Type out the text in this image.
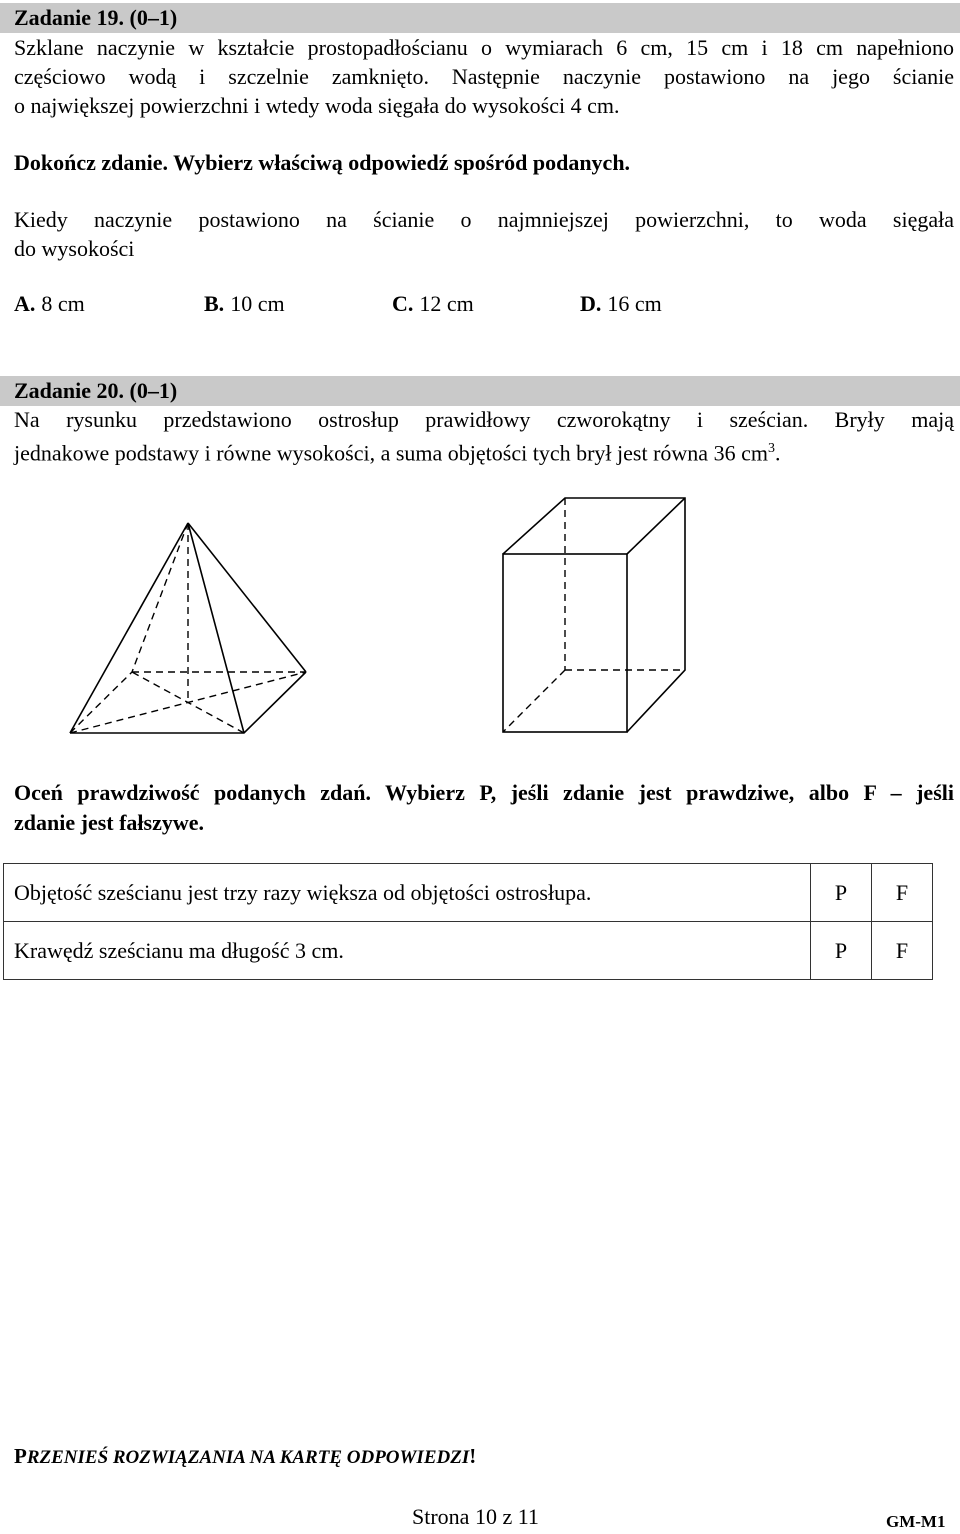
Zadanie 19. (0–1)
Szklane naczynie w kształcie prostopadłościanu o wymiarach 6 cm, 15 cm i 18 cm napełniono
częściowo wodą i szczelnie zamknięto. Następnie naczynie postawiono na jego ścianie
o największej powierzchni i wtedy woda sięgała do wysokości 4 cm.
Dokończ zdanie. Wybierz właściwą odpowiedź spośród podanych.
Kiedy naczynie postawiono na ścianie o najmniejszej powierzchni, to woda sięgała
do wysokości
A. 8 cm	B. 10 cm	C. 12 cm	D. 16 cm
Zadanie 20. (0–1)
Na rysunku przedstawiono ostrosłup prawidłowy czworokątny i sześcian. Bryły mają
jednakowe podstawy i równe wysokości, a suma objętości tych brył jest równa 36 $cm^3$.
Oceń prawdziwość podanych zdań. Wybierz P, jeśli zdanie jest prawdziwe, albo F – jeśli
zdanie jest fałszywe.
Objętość sześcianu jest trzy razy większa od objętości ostrosłupa.	P	F
Krawędź sześcianu ma długość 3 cm.	P	F
PRZENIEŚ ROZWIĄZANIA NA KARTĘ ODPOWIEDZI!
Strona 10 z 11	GM-M1
